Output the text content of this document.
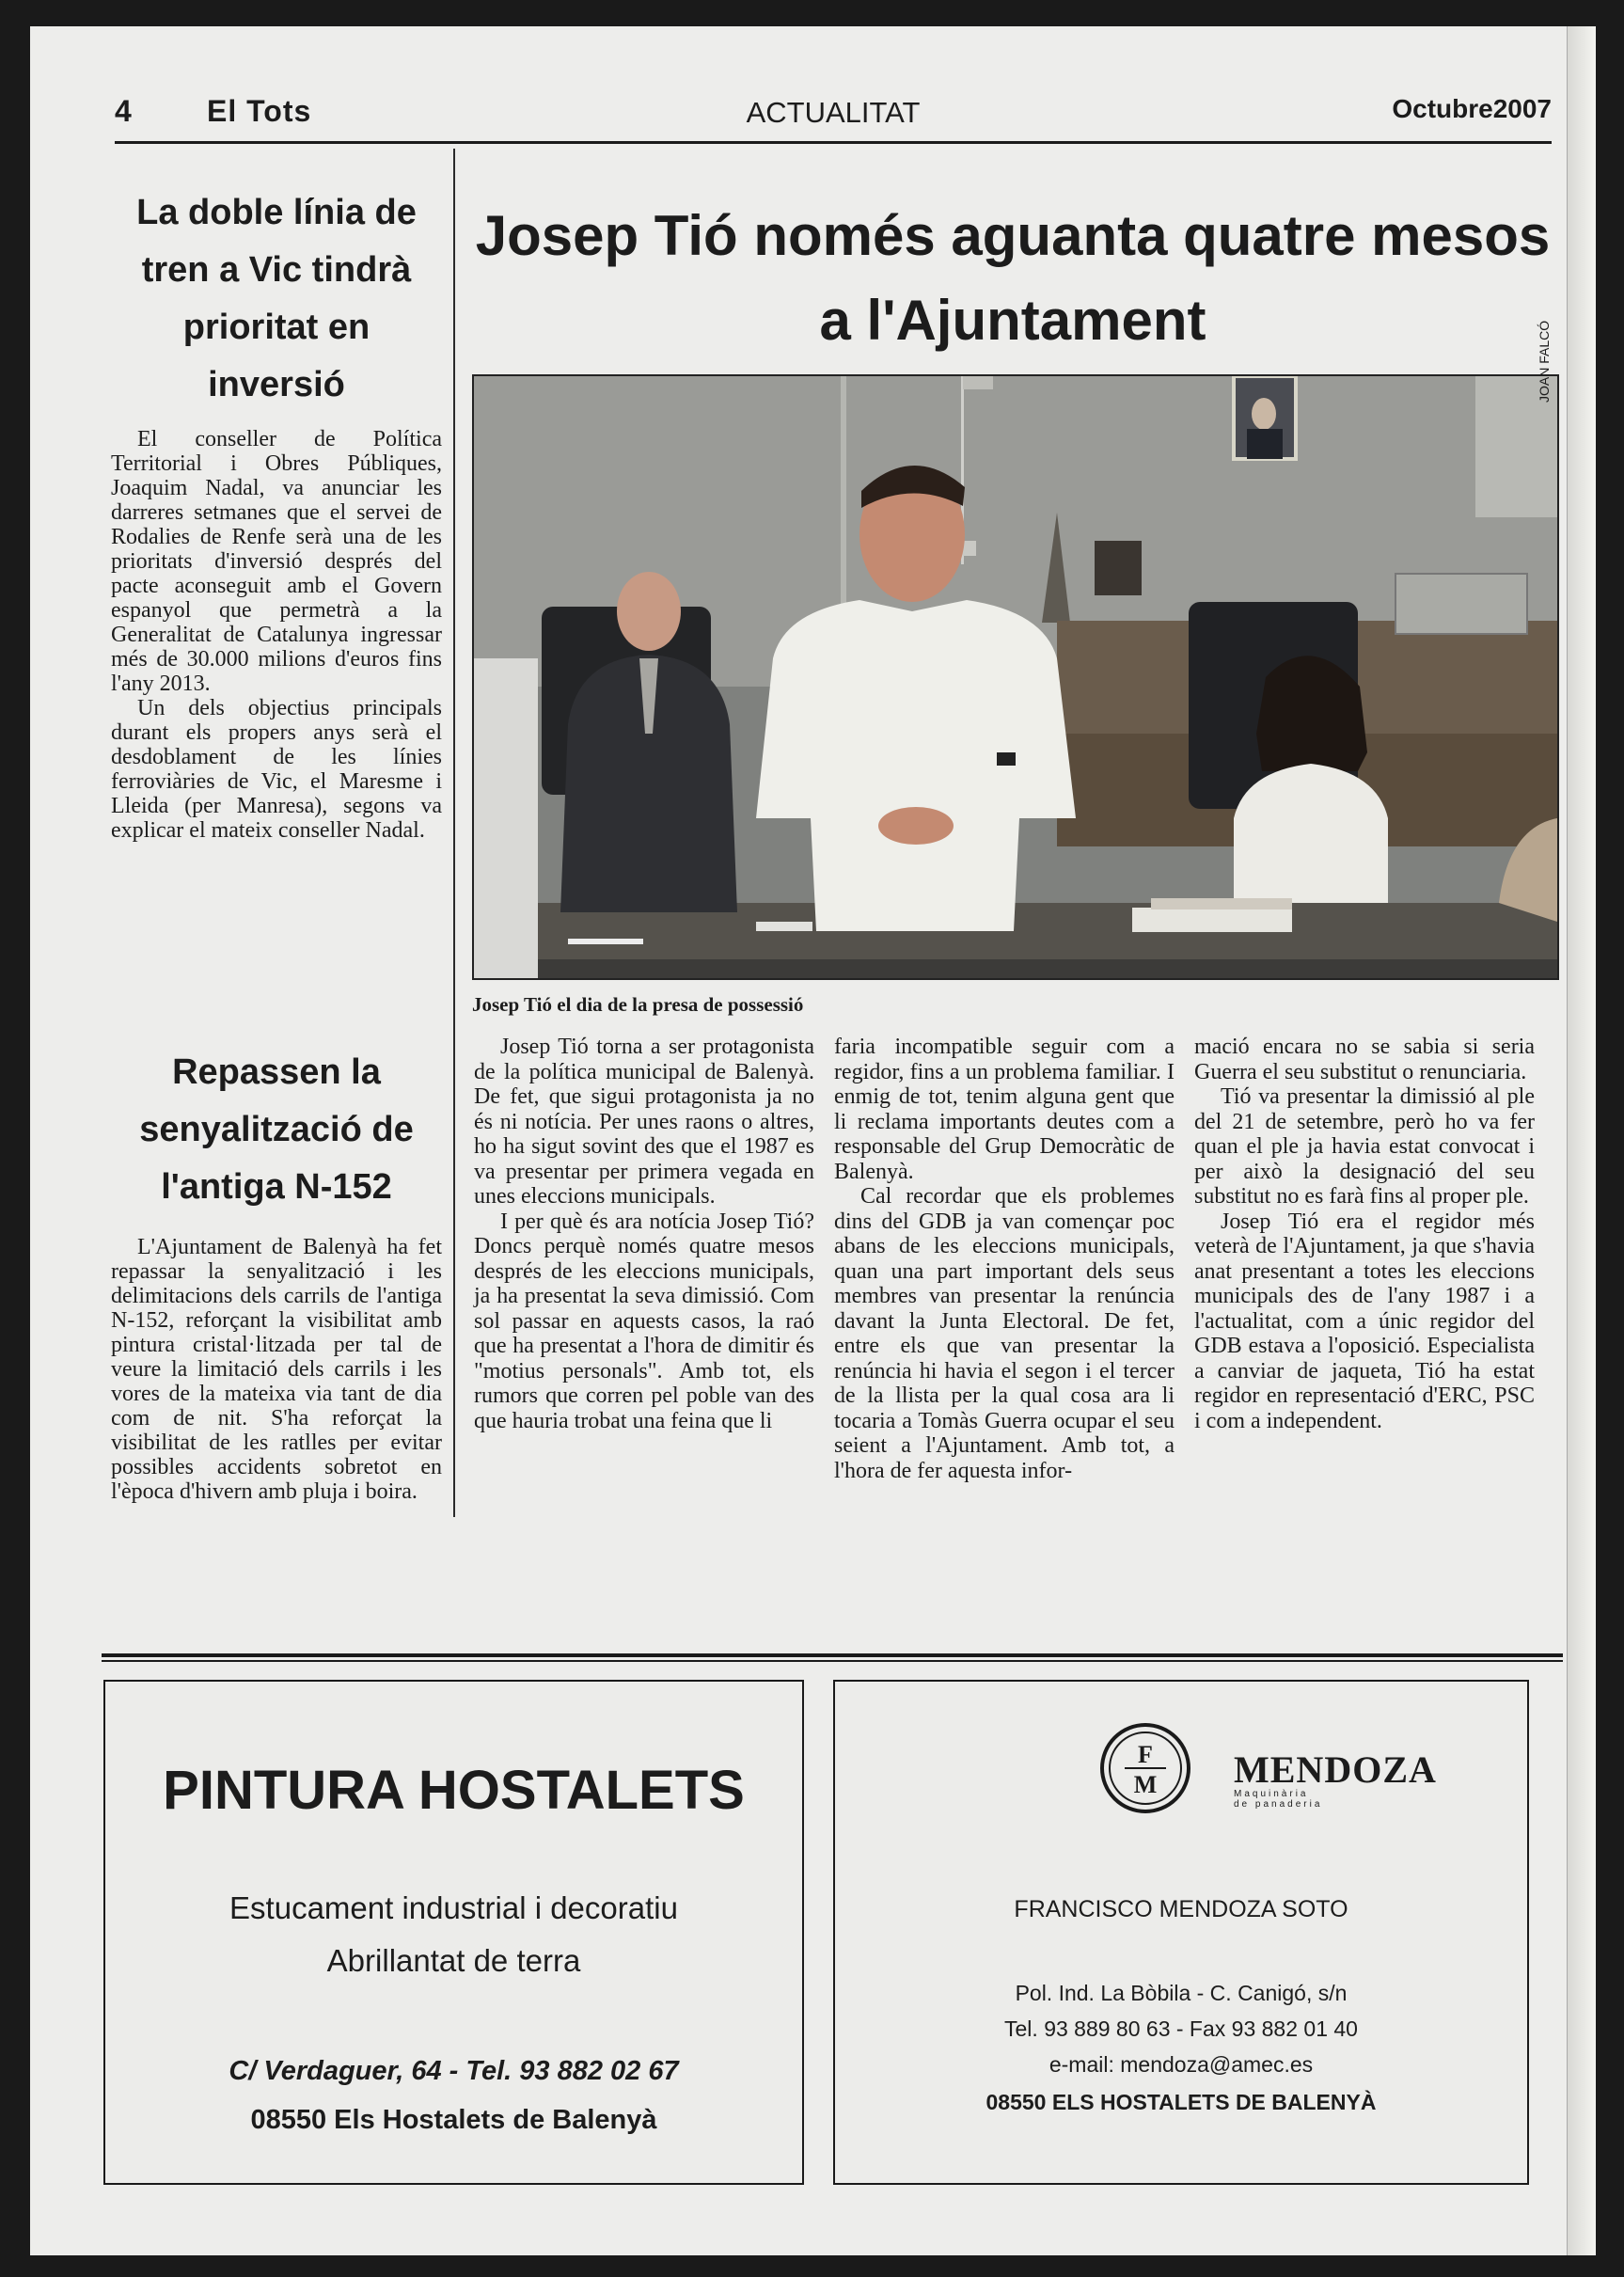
4	El Tots	ACTUALITAT	Octubre2007
La doble línia de tren a Vic tindrà prioritat en inversió

El conseller de Política Territorial i Obres Públiques, Joaquim Nadal, va anunciar les darreres setmanes que el servei de Rodalies de Renfe serà una de les prioritats d'inversió després del pacte aconseguit amb el Govern espanyol que permetrà a la Generalitat de Catalunya ingressar més de 30.000 milions d'euros fins l'any 2013.

Un dels objectius principals durant els propers anys serà el desdoblament de les línies ferroviàries de Vic, el Maresme i Lleida (per Manresa), segons va explicar el mateix conseller Nadal.

Repassen la senyalització de l'antiga N-152

L'Ajuntament de Balenyà ha fet repassar la senyalització i les delimitacions dels carrils de l'antiga N-152, reforçant la visibilitat amb pintura cristal·litzada per tal de veure la limitació dels carrils i les vores de la mateixa via tant de dia com de nit. S'ha reforçat la visibilitat de les ratlles per evitar possibles accidents sobretot en l'època d'hivern amb pluja i boira.

Josep Tió només aguanta quatre mesos a l'Ajuntament
JOAN FALCÓ
Josep Tió el dia de la presa de possessió

Josep Tió torna a ser protagonista de la política municipal de Balenyà. De fet, que sigui protagonista ja no és ni notícia. Per unes raons o altres, ho ha sigut sovint des que el 1987 es va presentar per primera vegada en unes eleccions municipals.

I per què és ara notícia Josep Tió? Doncs perquè només quatre mesos després de les eleccions municipals, ja ha presentat la seva dimissió. Com sol passar en aquests casos, la raó que ha presentat a l'hora de dimitir és "motius personals". Amb tot, els rumors que corren pel poble van des que hauria trobat una feina que li

faria incompatible seguir com a regidor, fins a un problema familiar. I enmig de tot, tenim alguna gent que li reclama importants deutes com a responsable del Grup Democràtic de Balenyà.

Cal recordar que els problemes dins del GDB ja van començar poc abans de les eleccions municipals, quan una part important dels seus membres van presentar la renúncia davant la Junta Electoral. De fet, entre els que van presentar la renúncia hi havia el segon i el tercer de la llista per la qual cosa ara li tocaria a Tomàs Guerra ocupar el seu seient a l'Ajuntament. Amb tot, a l'hora de fer aquesta infor-

mació encara no se sabia si seria Guerra el seu substitut o renunciaria.

Tió va presentar la dimissió al ple del 21 de setembre, però ho va fer quan el ple ja havia estat convocat i per això la designació del seu substitut no es farà fins al proper ple.

Josep Tió era el regidor més veterà de l'Ajuntament, ja que s'havia anat presentant a totes les eleccions municipals des de l'any 1987 i a l'actualitat, com a únic regidor del GDB estava a l'oposició. Especialista a canviar de jaqueta, Tió ha estat regidor en representació d'ERC, PSC i com a independent.

PINTURA HOSTALETS
Estucament industrial i decoratiu
Abrillantat de terra
C/ Verdaguer, 64 - Tel. 93 882 02 67
08550 Els Hostalets de Balenyà
F
M MENDOZA
Maquinària
de panaderia
FRANCISCO MENDOZA SOTO
Pol. Ind. La Bòbila - C. Canigó, s/n
Tel. 93 889 80 63 - Fax 93 882 01 40
e-mail: mendoza@amec.es
08550 ELS HOSTALETS DE BALENYÀ
